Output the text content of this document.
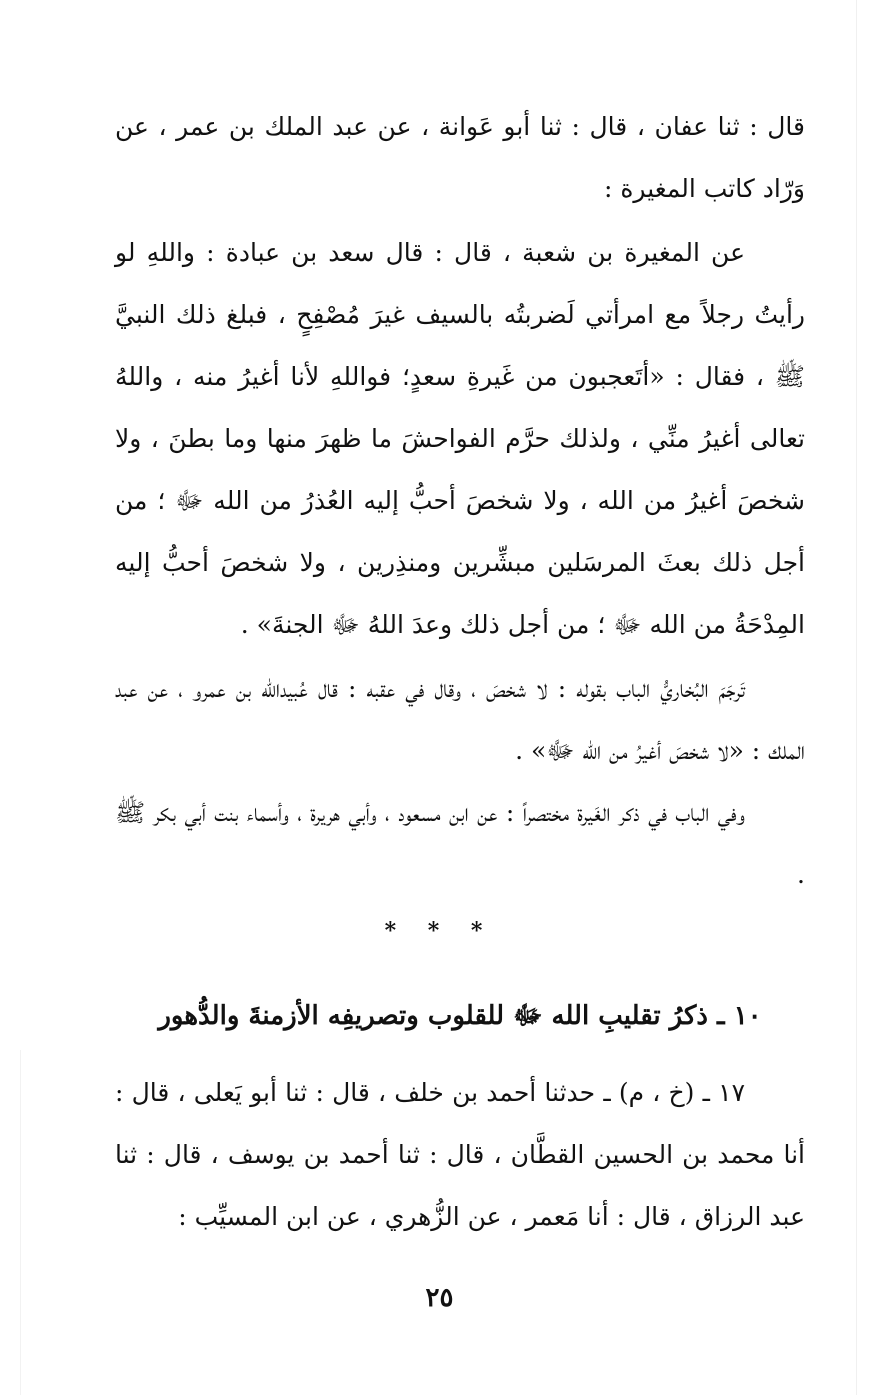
قال : ثنا عفان ، قال : ثنا أبو عَوانة ، عن عبد الملك بن عمر ، عن وَرّاد كاتب المغيرة :

عن المغيرة بن شعبة ، قال : قال سعد بن عبادة : واللهِ لو رأيتُ رجلاً مع امرأتي لَضربتُه بالسيف غيرَ مُصْفِحٍ ، فبلغ ذلك النبيَّ ﷺ ، فقال : «أتَعجبون من غَيرةِ سعدٍ؛ فواللهِ لأنا أغيرُ منه ، واللهُ تعالى أغيرُ منِّي ، ولذلك حرَّم الفواحشَ ما ظهرَ منها وما بطنَ ، ولا شخصَ أغيرُ من الله ، ولا شخصَ أحبُّ إليه العُذرُ من الله ﷻ ؛ من أجل ذلك بعثَ المرسَلين مبشِّرين ومنذِرين ، ولا شخصَ أحبُّ إليه المِدْحَةُ من الله ﷻ ؛ من أجل ذلك وعدَ اللهُ ﷻ الجنةَ» .

تَرجَمَ البُخاريُّ الباب بقوله : لا شخصَ ، وقال في عقبه : قال عُبيدالله بن عمرو ، عن عبد الملك : «لا شخصَ أغيرُ من الله ﷻ» .

وفي الباب في ذكر الغَيرة مختصراً : عن ابن مسعود ، وأبي هريرة ، وأسماء بنت أبي بكر ﷺ .

* * *
١٠ ـ ذكرُ تقليبِ الله ﷻ للقلوب وتصريفِه الأزمنةَ والدُّهور

١٧ ـ (خ ، م) ـ حدثنا أحمد بن خلف ، قال : ثنا أبو يَعلى ، قال : أنا محمد بن الحسين القطَّان ، قال : ثنا أحمد بن يوسف ، قال : ثنا عبد الرزاق ، قال : أنا مَعمر ، عن الزُّهري ، عن ابن المسيِّب :

٢٥
